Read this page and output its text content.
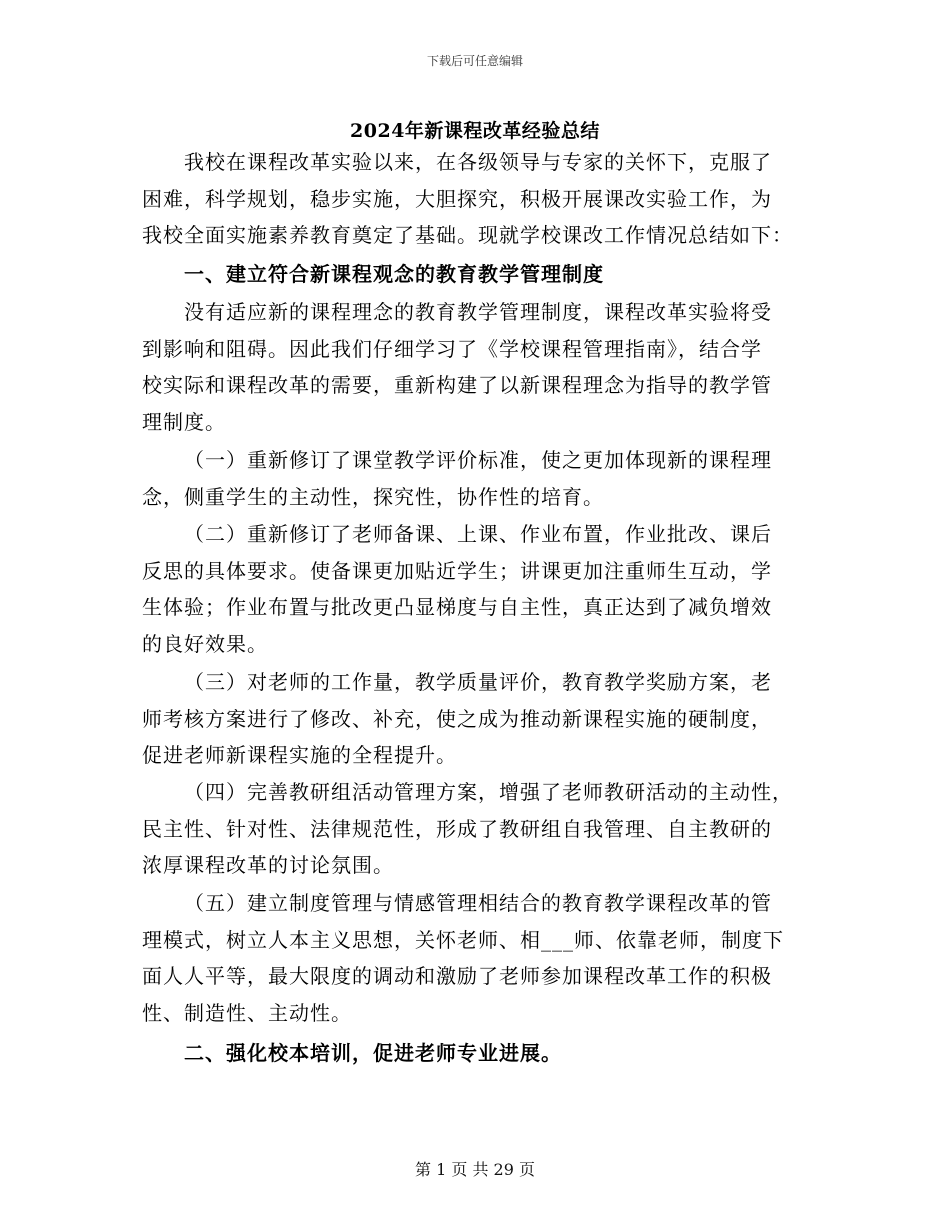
下载后可任意编辑
2024年新课程改革经验总结
我校在课程改革实验以来，在各级领导与专家的关怀下，克服了
困难，科学规划，稳步实施，大胆探究，积极开展课改实验工作，为
我校全面实施素养教育奠定了基础。现就学校课改工作情况总结如下：
一、建立符合新课程观念的教育教学管理制度
没有适应新的课程理念的教育教学管理制度，课程改革实验将受
到影响和阻碍。因此我们仔细学习了《学校课程管理指南》，结合学
校实际和课程改革的需要，重新构建了以新课程理念为指导的教学管
理制度。
（一）重新修订了课堂教学评价标准，使之更加体现新的课程理
念，侧重学生的主动性，探究性，协作性的培育。
（二）重新修订了老师备课、上课、作业布置，作业批改、课后
反思的具体要求。使备课更加贴近学生；讲课更加注重师生互动，学
生体验；作业布置与批改更凸显梯度与自主性，真正达到了减负增效
的良好效果。
（三）对老师的工作量，教学质量评价，教育教学奖励方案，老
师考核方案进行了修改、补充，使之成为推动新课程实施的硬制度，
促进老师新课程实施的全程提升。
（四）完善教研组活动管理方案，增强了老师教研活动的主动性，
民主性、针对性、法律规范性，形成了教研组自我管理、自主教研的
浓厚课程改革的讨论氛围。
（五）建立制度管理与情感管理相结合的教育教学课程改革的管
理模式，树立人本主义思想，关怀老师、相___师、依靠老师，制度下
面人人平等，最大限度的调动和激励了老师参加课程改革工作的积极
性、制造性、主动性。
二、强化校本培训，促进老师专业进展。
第 1 页 共 29 页
